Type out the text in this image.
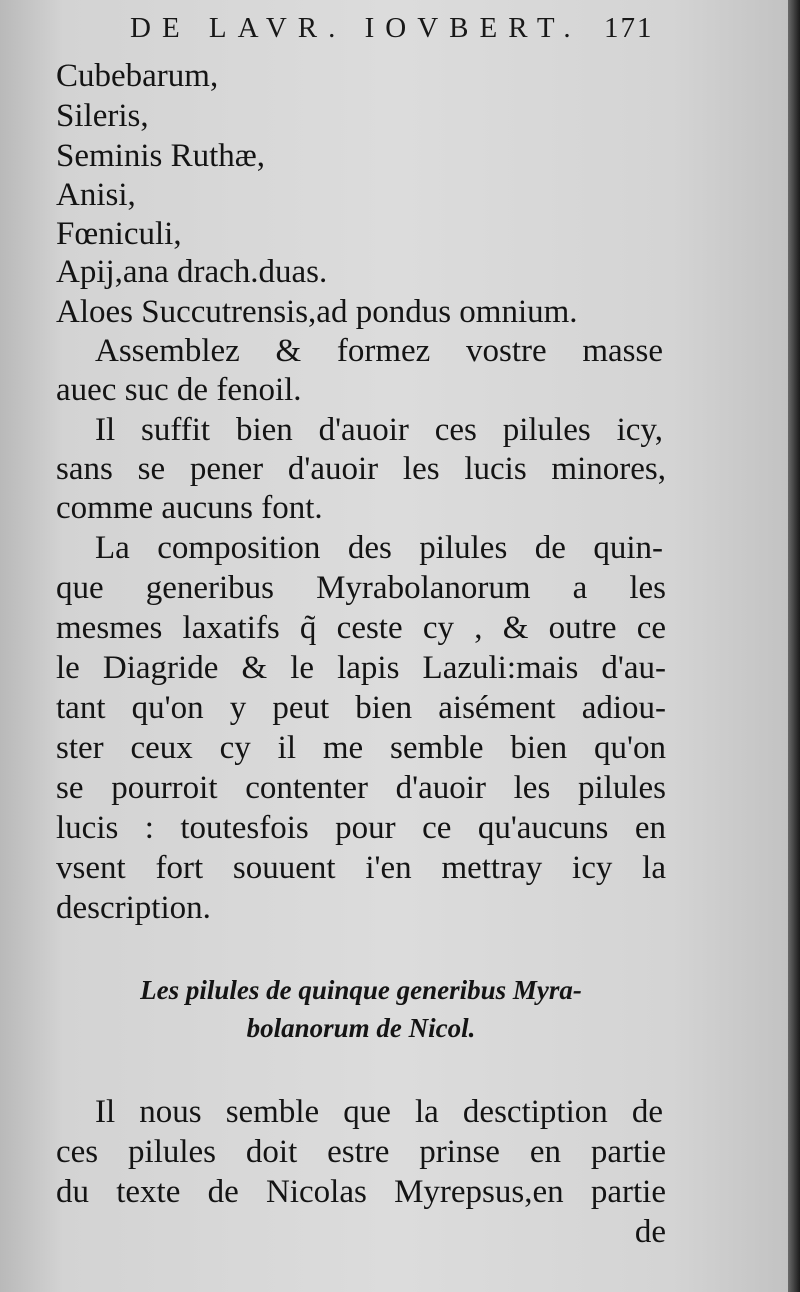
DE LAVR. IOVBERT. 171
Cubebarum,
Sileris,
Seminis Ruthæ,
Anisi,
Fœniculi,
Apij,ana drach.duas.
Aloes Succutrensis,ad pondus omnium.
Assemblez & formez vostre masse
auec suc de fenoil.
Il suffit bien d'auoir ces pilules icy,
sans se pener d'auoir les lucis minores,
comme aucuns font.
La composition des pilules de quin-
que generibus Myrabolanorum a les
mesmes laxatifs q̃ ceste cy , & outre ce
le Diagride & le lapis Lazuli:mais d'au-
tant qu'on y peut bien aisément adiou-
ster ceux cy il me semble bien qu'on
se pourroit contenter d'auoir les pilules
lucis : toutesfois pour ce qu'aucuns en
vsent fort souuent i'en mettray icy la
description.
Les pilules de quinque generibus Myra-
bolanorum de Nicol.
Il nous semble que la desctiption de
ces pilules doit estre prinse en partie
du texte de Nicolas Myrepsus,en partie
de
